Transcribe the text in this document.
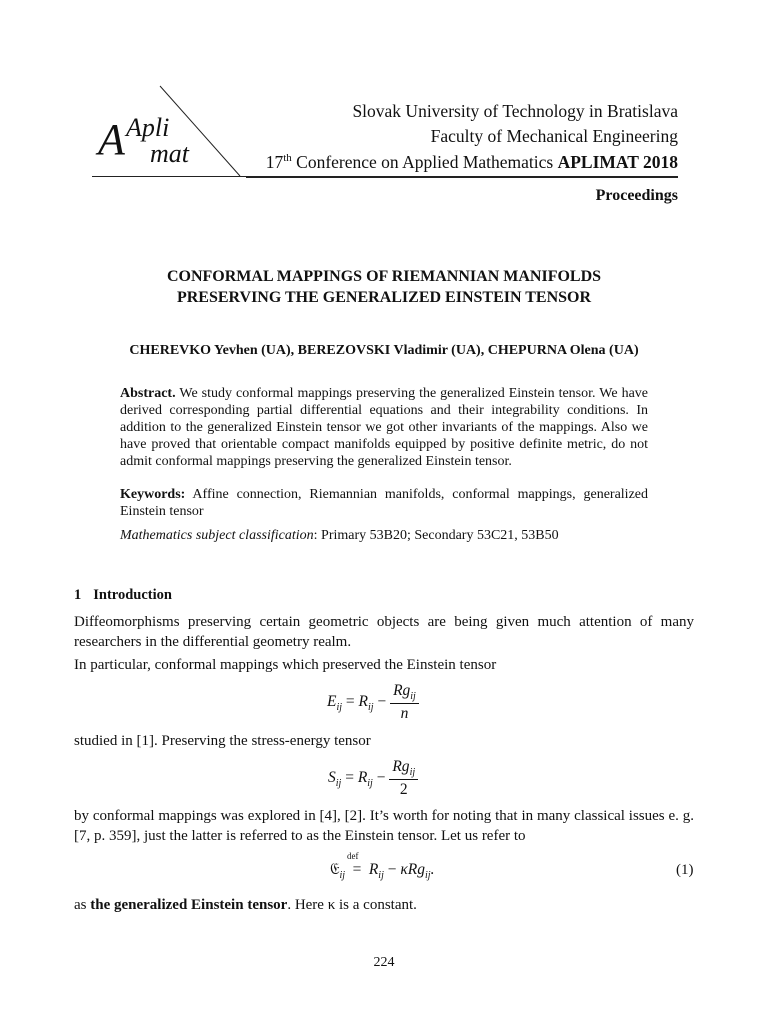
A Apli
mat
Slovak University of Technology in Bratislava
Faculty of Mechanical Engineering
17th Conference on Applied Mathematics APLIMAT 2018
Proceedings
CONFORMAL MAPPINGS OF RIEMANNIAN MANIFOLDS
PRESERVING THE GENERALIZED EINSTEIN TENSOR
CHEREVKO Yevhen (UA), BEREZOVSKI Vladimir (UA), CHEPURNA Olena (UA)
Abstract. We study conformal mappings preserving the generalized Einstein tensor. We have derived corresponding partial differential equations and their integrability conditions. In addition to the generalized Einstein tensor we got other invariants of the mappings. Also we have proved that orientable compact manifolds equipped by positive definite metric, do not admit conformal mappings preserving the generalized Einstein tensor.
Keywords: Affine connection, Riemannian manifolds, conformal mappings, generalized Einstein tensor
Mathematics subject classification: Primary 53B20; Secondary 53C21, 53B50
1 Introduction
Diffeomorphisms preserving certain geometric objects are being given much attention of many researchers in the differential geometry realm.
In particular, conformal mappings which preserved the Einstein tensor
$E_{ij} = R_{ij} - \frac{Rg_{ij}}{n}$
studied in [1]. Preserving the stress-energy tensor
$S_{ij} = R_{ij} - \frac{Rg_{ij}}{2}$
by conformal mappings was explored in [4], [2]. It’s worth for noting that in many classical issues e. g. [7, p. 359], just the latter is referred to as the Einstein tensor. Let us refer to
𝔈$_{ij}$ =
def
$R_{ij} - \kappa Rg_{ij}$.	(1)
as the generalized Einstein tensor. Here κ is a constant.
224
